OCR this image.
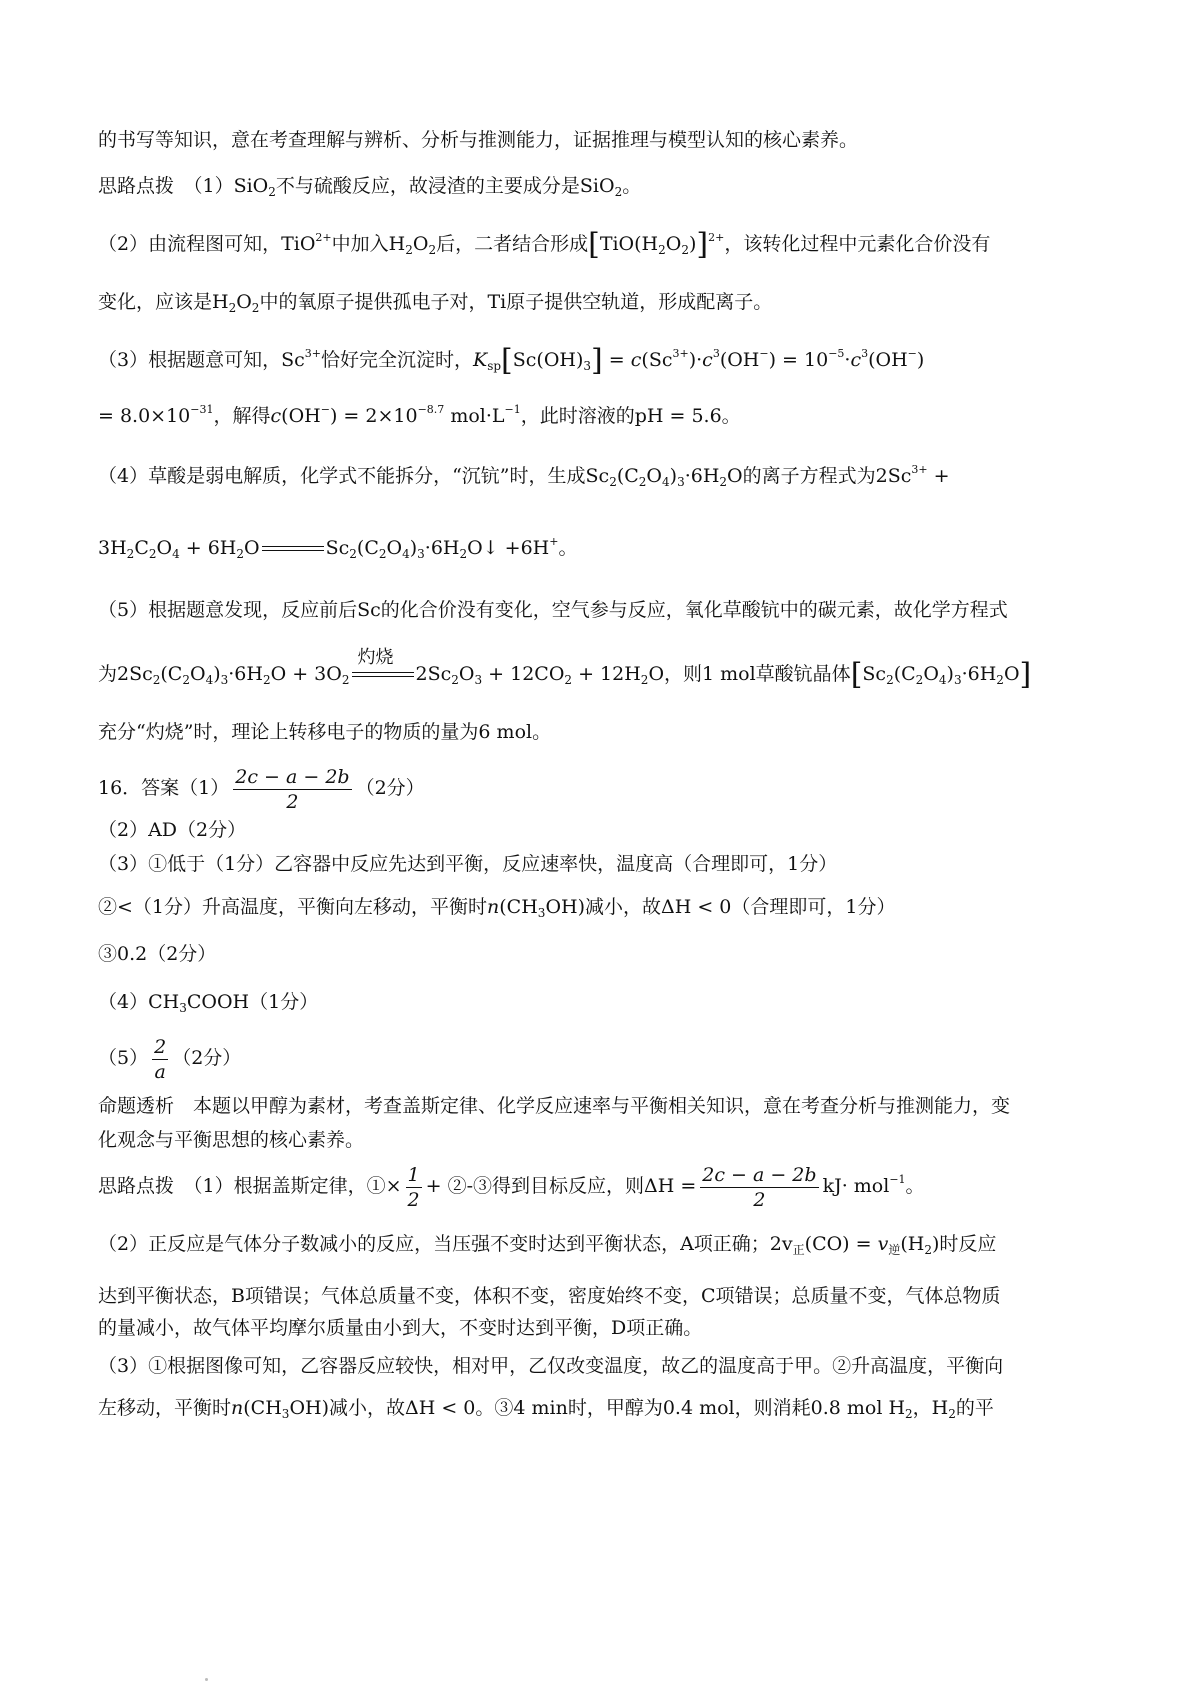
的书写等知识，意在考查理解与辨析、分析与推测能力，证据推理与模型认知的核心素养。
思路点拨　（1）SiO$_2$不与硫酸反应，故浸渣的主要成分是SiO$_2$。
（2）由流程图可知，TiO$^{2+}$中加入$H_2O_2$后，二者结合形成$[TiO(H_2O_2)]^{2+}$，该转化过程中元素化合价没有
变化，应该是$H_2O_2$中的氧原子提供孤电子对，Ti原子提供空轨道，形成配离子。
（3）根据题意可知，$Sc^{3+}$恰好完全沉淀时，$K_{sp}[Sc(OH)_3] = c(Sc^{3+})\cdot c^3(OH^-) = 10^{-5}\cdot c^3(OH^-)$
= $8.0\times 10^{-31}$，解得$c(OH^-) = 2\times 10^{-8.7}$ $mol\cdot L^{-1}$，此时溶液的pH = 5.6。
（4）草酸是弱电解质，化学式不能拆分，“沉钪”时，生成$Sc_2(C_2O_4)_3\cdot 6H_2O$的离子方程式为$2Sc^{3+}$ +
$3H_2C_2O_4 + 6H_2O$	$Sc_2(C_2O_4)_3\cdot 6H_2O↓ +6H^+$。
（5）根据题意发现，反应前后Sc的化合价没有变化，空气参与反应，氧化草酸钪中的碳元素，故化学方程式
为$2Sc_2(C_2O_4)_3\cdot 6H_2O + 3O_2$
灼烧
$2Sc_2O_3 + 12CO_2 + 12H_2O$，则1 mol草酸钪晶体$[Sc_2(C_2O_4)_3\cdot 6H_2O]$
充分“灼烧”时，理论上转移电子的物质的量为6 mol。
16．答案$(1) \frac{2c - a - 2b}{2} (2$分）
（2）AD（2分）
（3）①低于（1分）乙容器中反应先达到平衡，反应速率快，温度高（合理即可，1分）
②<（1分）升高温度，平衡向左移动，平衡时$n(CH_3OH)$减小，故ΔH < 0（合理即可，1分）
③0.2（2分）
$(4)CH_3COOH(1$分）
$(5) \frac{2}{a} (2$分）
命题透析　本题以甲醇为素材，考查盖斯定律、化学反应速率与平衡相关知识，意在考查分析与推测能力，变
化观念与平衡思想的核心素养。
思路点拨　（1）根据盖斯定律，①× $\frac{1}{2}$ + ②-③得到目标反应，则$\Delta H = \frac{2c - a - 2b}{2} kJ\cdot mol^{-1}$。
（2）正反应是气体分子数减小的反应，当压强不变时达到平衡状态，A项正确；$2v_正(CO) = v_逆(H_2)$时反应
达到平衡状态，B项错误；气体总质量不变，体积不变，密度始终不变，C项错误；总质量不变，气体总物质
的量减小，故气体平均摩尔质量由小到大，不变时达到平衡，D项正确。
（3）①根据图像可知，乙容器反应较快，相对甲，乙仅改变温度，故乙的温度高于甲。②升高温度，平衡向
左移动，平衡时$n(CH_3OH)$减小，故ΔH < 0。③4 min时，甲醇为0.4 mol，则消耗0.8 mol $H_2$，$H_2$的平
